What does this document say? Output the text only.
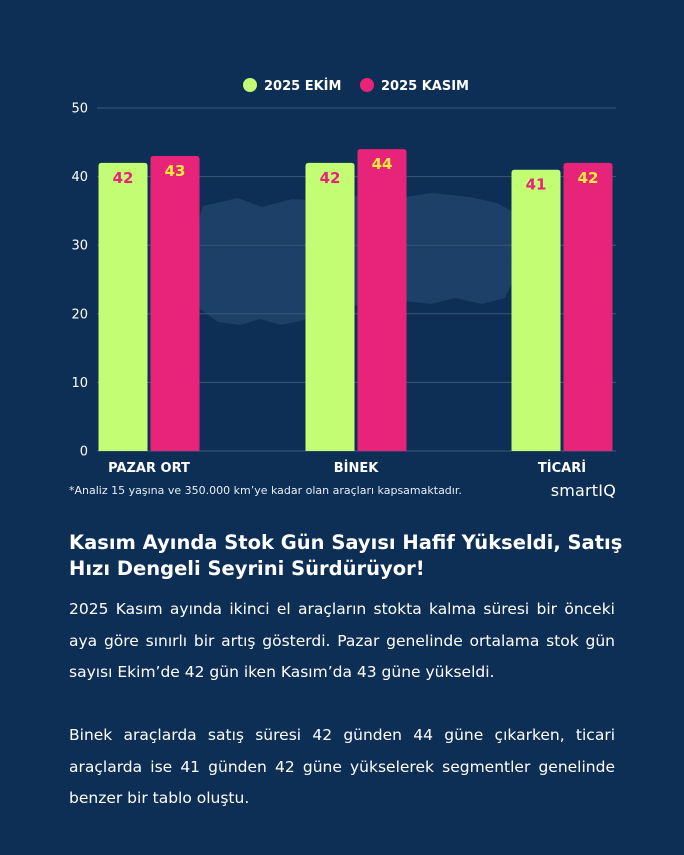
0
10
20
30
40
50
42 43	42
44
41 42
PAZAR ORT	BİNEK	TİCARİ
2025 EKİM	2025 KASIM
*Analiz 15 yaşına ve 350.000 km’ye kadar olan araçları kapsamaktadır.	smartIQ
Kasım Ayında Stok Gün Sayısı Hafif Yükseldi, Satış Hızı Dengeli Seyrini Sürdürüyor!

2025 Kasım ayında ikinci el araçların stokta kalma süresi bir önceki aya göre sınırlı bir artış gösterdi. Pazar genelinde ortalama stok gün sayısı Ekim’de 42 gün iken Kasım’da 43 güne yükseldi.

Binek araçlarda satış süresi 42 günden 44 güne çıkarken, ticari araçlarda ise 41 günden 42 güne yükselerek segmentler genelinde benzer bir tablo oluştu.
